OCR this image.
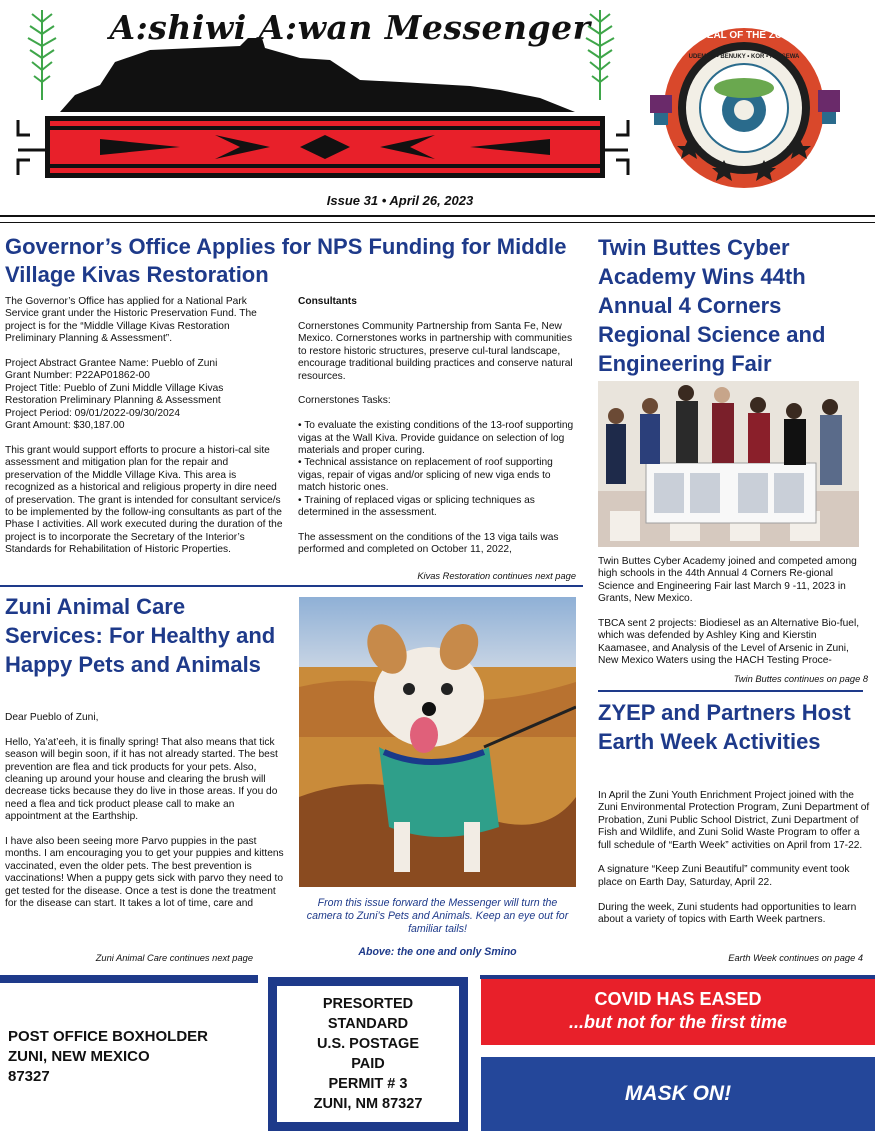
A:shiwi A:wan Messenger	GREAT SEAL OF THE ZUNI TRIBE
UDEMAN • BENUKY • KOR • HATSEWA
Issue 31 • April 26, 2023
Governor’s Office Applies for NPS Funding for Middle Village Kivas Restoration
The Governor’s Office has applied for a National Park Service grant under the Historic Preservation Fund. The project is for the “Middle Village Kivas Restoration Preliminary Planning & Assessment”.

Project Abstract Grantee Name: Pueblo of Zuni
Grant Number: P22AP01862-00
Project Title: Pueblo of Zuni Middle Village Kivas
Restoration Preliminary Planning & Assessment
Project Period: 09/01/2022-09/30/2024
Grant Amount: $30,187.00

This grant would support efforts to procure a histori-cal site assessment and mitigation plan for the repair and preservation of the Middle Village Kiva. This area is recognized as a historical and religious property in dire need of preservation. The grant is intended for consultant service/s to be implemented by the follow-ing consultants as part of the Phase I activities. All work executed during the duration of the project is to incorporate the Secretary of the Interior’s Standards for Rehabilitation of Historic Properties.
Consultants
Cornerstones Community Partnership from Santa Fe, New Mexico. Cornerstones works in partnership with communities to restore historic structures, preserve cul-tural landscape, encourage traditional building practices and conserve natural resources.

Cornerstones Tasks:

• To evaluate the existing conditions of the 13-roof supporting vigas at the Wall Kiva. Provide guidance on selection of log materials and proper curing.
• Technical assistance on replacement of roof supporting vigas, repair of vigas and/or splicing of new viga ends to match historic ones.
• Training of replaced vigas or splicing techniques as determined in the assessment.

The assessment on the conditions of the 13 viga tails was performed and completed on October 11, 2022,
Kivas Restoration continues next page
Twin Buttes Cyber Academy Wins 44th Annual 4 Corners Regional Science and Engineering Fair
Twin Buttes Cyber Academy joined and competed among high schools in the 44th Annual 4 Corners Re-gional Science and Engineering Fair last March 9 -11, 2023 in Grants, New Mexico.

TBCA sent 2 projects: Biodiesel as an Alternative Bio-fuel, which was defended by Ashley King and Kierstin Kaamasee, and Analysis of the Level of Arsenic in Zuni, New Mexico Waters using the HACH Testing Proce-
Twin Buttes continues on page 8
Zuni Animal Care Services: For Healthy and Happy Pets and Animals
Dear Pueblo of Zuni,

Hello, Ya’at’eeh, it is finally spring! That also means that tick season will begin soon, if it has not already started. The best prevention are flea and tick products for your pets. Also, cleaning up around your house and clearing the brush will decrease ticks because they do live in those areas. If you do need a flea and tick product please call to make an appointment at the Earthship.

I have also been seeing more Parvo puppies in the past months. I am encouraging you to get your puppies and kittens vaccinated, even the older pets. The best prevention is vaccinations! When a puppy gets sick with parvo they need to get tested for the disease. Once a test is done the treatment for the disease can start. It takes a lot of time, care and
Zuni Animal Care continues next page
From this issue forward the Messenger will turn the camera to Zuni’s Pets and Animals. Keep an eye out for familiar tails!
Above: the one and only Smino
ZYEP and Partners Host Earth Week Activities
In April the Zuni Youth Enrichment Project joined with the Zuni Environmental Protection Program, Zuni Department of Probation, Zuni Public School District, Zuni Department of Fish and Wildlife, and Zuni Solid Waste Program to offer a full schedule of “Earth Week” activities on April from 17-22.

A signature “Keep Zuni Beautiful” community event took place on Earth Day, Saturday, April 22.

During the week, Zuni students had opportunities to learn about a variety of topics with Earth Week partners.
Earth Week continues on page 4
POST OFFICE BOXHOLDER
ZUNI, NEW MEXICO
87327
PRESORTED
STANDARD
U.S. POSTAGE
PAID
PERMIT # 3
ZUNI, NM 87327
COVID HAS EASED
...but not for the first time
MASK ON!
